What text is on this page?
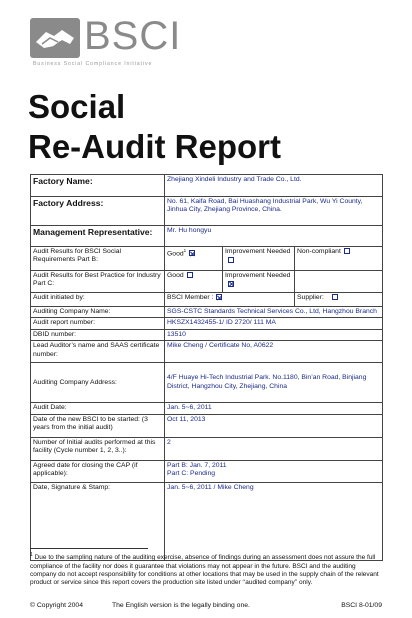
BSCI
Business Social Compliance Initiative
Social
Re-Audit Report
Factory Name:	Zhejiang Xindeli Industry and Trade Co., Ltd.		
Factory Address:	No. 61, Kaifa Road, Bai Huashang Industrial Park, Wu Yi County, Jinhua City, Zhejiang Province, China.		
Management Representative:	Mr. Hu hongyu		
Audit Results for BSCI Social Requirements Part B:	Good$^1$	Improvement Needed	Non-compliant
Audit Results for Best Practice for Industry Part C:	Good	Improvement Needed	
Audit initiated by:	BSCI Member :		Supplier:
Auditing Company Name:	SGS-CSTC Standards Technical Services Co., Ltd, Hangzhou Branch		
Audit report number:	HKSZX1432455-1/ ID 2720/ 111 MA		
DBID number:	13510		
Lead Auditor’s name and SAAS certificate number:	Mike Cheng / Certificate No, A0622		
Auditing Company Address:	4/F Huaye Hi-Tech Industrial Park. No.1180, Bin’an Road, Binjiang District, Hangzhou City, Zhejiang, China		
Audit Date:	Jan. 5~6, 2011		
Date of the new BSCI to be started: (3 years from the initial audit)	Oct 11, 2013		
Number of Initial audits performed at this facility (Cycle number 1, 2, 3..):	2		
Agreed date for closing the CAP (if applicable):	Part B: Jan. 7, 2011
Part C: Pending		

Date, Signature & Stamp:	Jan. 5~6, 2011 / Mike Cheng		
$^1$ Due to the sampling nature of the auditing exercise, absence of findings during an assessment does not assure the full compliance of the facility nor does it guarantee that violations may not appear in the future. BSCI and the auditing company do not accept responsibility for conditions at other locations that may be used in the supply chain of the relevant product or service since this report covers the production site listed under ‘‘audited company’’ only.
© Copyright 2004	The English version is the legally binding one.	BSCI 8-01/09
